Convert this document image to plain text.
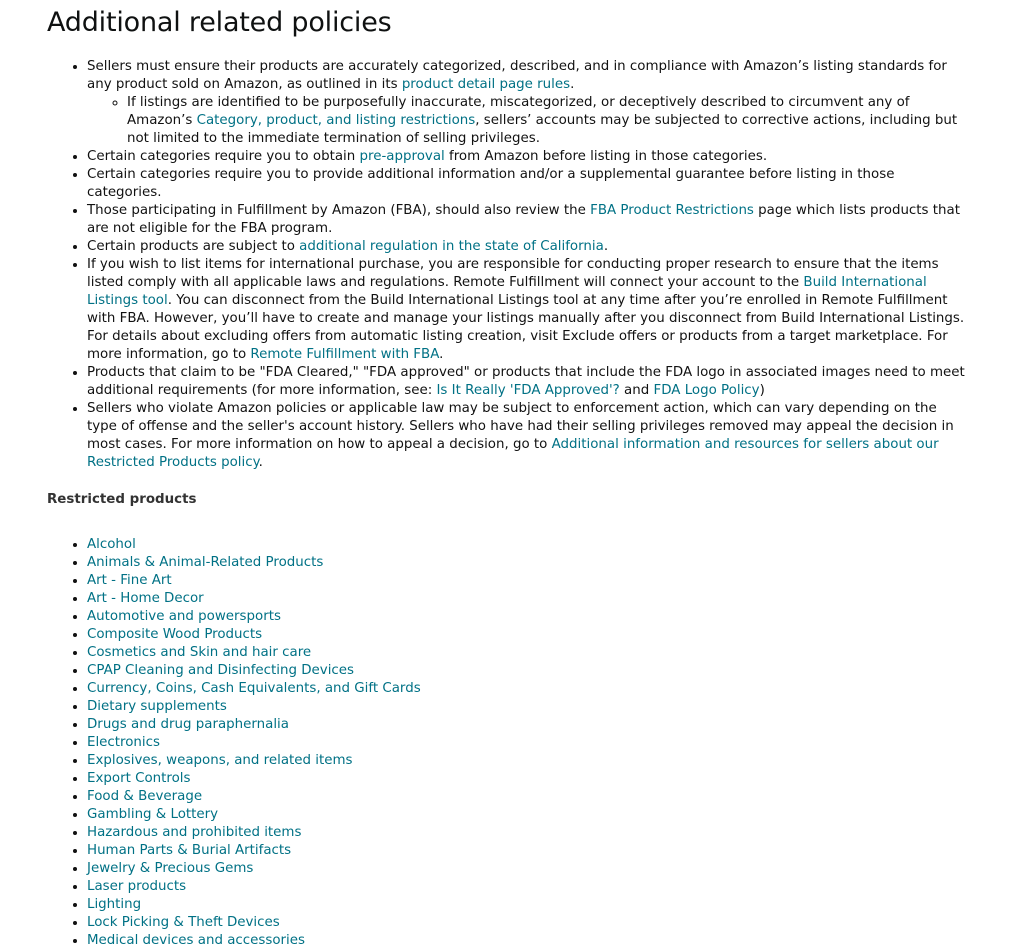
Additional related policies
• Sellers must ensure their products are accurately categorized, described, and in compliance with Amazon’s listing standards for any product sold on Amazon, as outlined in its product detail page rules.
◦ If listings are identified to be purposefully inaccurate, miscategorized, or deceptively described to circumvent any of Amazon’s Category, product, and listing restrictions, sellers’ accounts may be subjected to corrective actions, including but not limited to the immediate termination of selling privileges.
• Certain categories require you to obtain pre-approval from Amazon before listing in those categories.
• Certain categories require you to provide additional information and/or a supplemental guarantee before listing in those categories.
• Those participating in Fulfillment by Amazon (FBA), should also review the FBA Product Restrictions page which lists products that are not eligible for the FBA program.
• Certain products are subject to additional regulation in the state of California.
• If you wish to list items for international purchase, you are responsible for conducting proper research to ensure that the items listed comply with all applicable laws and regulations. Remote Fulfillment will connect your account to the Build International Listings tool. You can disconnect from the Build International Listings tool at any time after you’re enrolled in Remote Fulfillment with FBA. However, you’ll have to create and manage your listings manually after you disconnect from Build International Listings. For details about excluding offers from automatic listing creation, visit Exclude offers or products from a target marketplace. For more information, go to Remote Fulfillment with FBA.
• Products that claim to be "FDA Cleared," "FDA approved" or products that include the FDA logo in associated images need to meet additional requirements (for more information, see: Is It Really 'FDA Approved'? and FDA Logo Policy)
• Sellers who violate Amazon policies or applicable law may be subject to enforcement action, which can vary depending on the type of offense and the seller's account history. Sellers who have had their selling privileges removed may appeal the decision in most cases. For more information on how to appeal a decision, go to Additional information and resources for sellers about our Restricted Products policy.
Restricted products
• Alcohol
• Animals & Animal-Related Products
• Art - Fine Art
• Art - Home Decor
• Automotive and powersports
• Composite Wood Products
• Cosmetics and Skin and hair care
• CPAP Cleaning and Disinfecting Devices
• Currency, Coins, Cash Equivalents, and Gift Cards
• Dietary supplements
• Drugs and drug paraphernalia
• Electronics
• Explosives, weapons, and related items
• Export Controls
• Food & Beverage
• Gambling & Lottery
• Hazardous and prohibited items
• Human Parts & Burial Artifacts
• Jewelry & Precious Gems
• Laser products
• Lighting
• Lock Picking & Theft Devices
• Medical devices and accessories
